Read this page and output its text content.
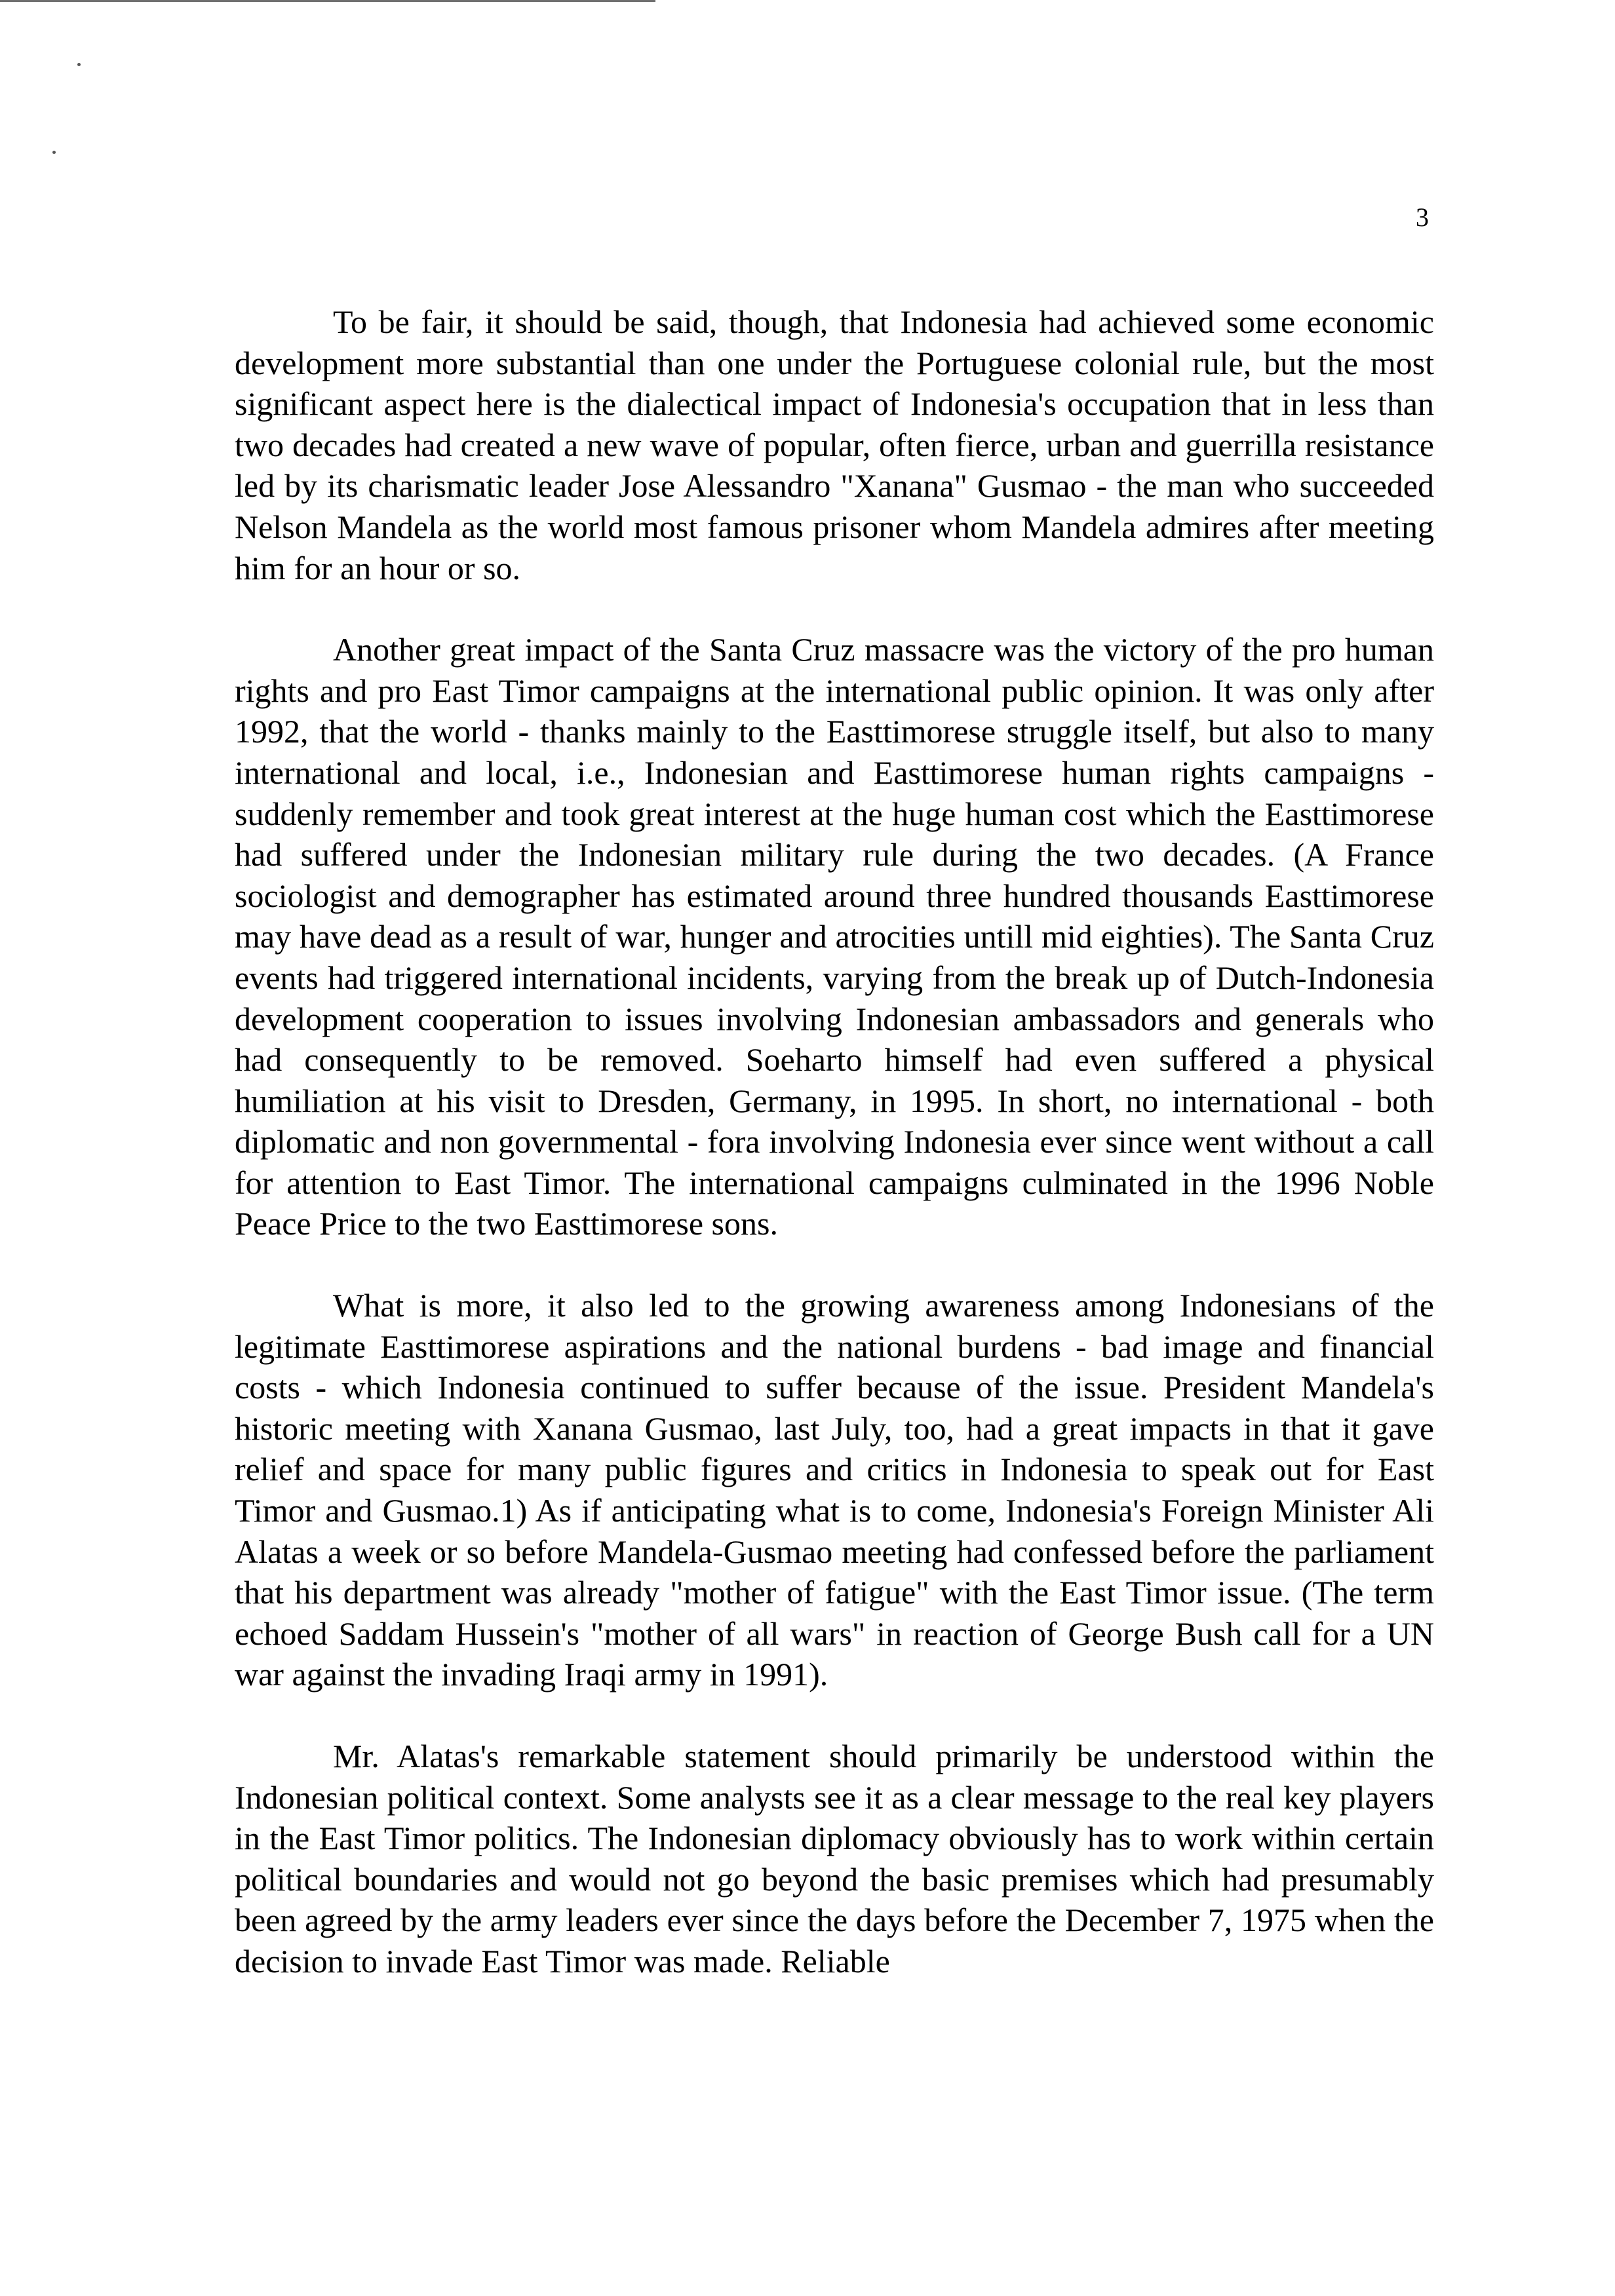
3

To be fair, it should be said, though, that Indonesia had achieved some economic development more substantial than one under the Portuguese colonial rule, but the most significant aspect here is the dialectical impact of Indonesia's occupation that in less than two decades had created a new wave of popular, often fierce, urban and guerrilla resistance led by its charismatic leader Jose Alessandro "Xanana" Gusmao - the man who succeeded Nelson Mandela as the world most famous prisoner whom Mandela admires after meeting him for an hour or so.

Another great impact of the Santa Cruz massacre was the victory of the pro human rights and pro East Timor campaigns at the international public opinion. It was only after 1992, that the world - thanks mainly to the Easttimorese struggle itself, but also to many international and local, i.e., Indonesian and Easttimorese human rights campaigns - suddenly remember and took great interest at the huge human cost which the Easttimorese had suffered under the Indonesian military rule during the two decades. (A France sociologist and demographer has estimated around three hundred thousands Easttimorese may have dead as a result of war, hunger and atrocities untill mid eighties). The Santa Cruz events had triggered international incidents, varying from the break up of Dutch-Indonesia development cooperation to issues involving Indonesian ambassadors and generals who had consequently to be removed. Soeharto himself had even suffered a physical humiliation at his visit to Dresden, Germany, in 1995. In short, no international - both diplomatic and non governmental - fora involving Indonesia ever since went without a call for attention to East Timor. The international campaigns culminated in the 1996 Noble Peace Price to the two Easttimorese sons.

What is more, it also led to the growing awareness among Indonesians of the legitimate Easttimorese aspirations and the national burdens - bad image and financial costs - which Indonesia continued to suffer because of the issue. President Mandela's historic meeting with Xanana Gusmao, last July, too, had a great impacts in that it gave relief and space for many public figures and critics in Indonesia to speak out for East Timor and Gusmao.1) As if anticipating what is to come, Indonesia's Foreign Minister Ali Alatas a week or so before Mandela-Gusmao meeting had confessed before the parliament that his department was already "mother of fatigue" with the East Timor issue. (The term echoed Saddam Hussein's "mother of all wars" in reaction of George Bush call for a UN war against the invading Iraqi army in 1991).

Mr. Alatas's remarkable statement should primarily be understood within the Indonesian political context. Some analysts see it as a clear message to the real key players in the East Timor politics. The Indonesian diplomacy obviously has to work within certain political boundaries and would not go beyond the basic premises which had presumably been agreed by the army leaders ever since the days before the December 7, 1975 when the decision to invade East Timor was made. Reliable
